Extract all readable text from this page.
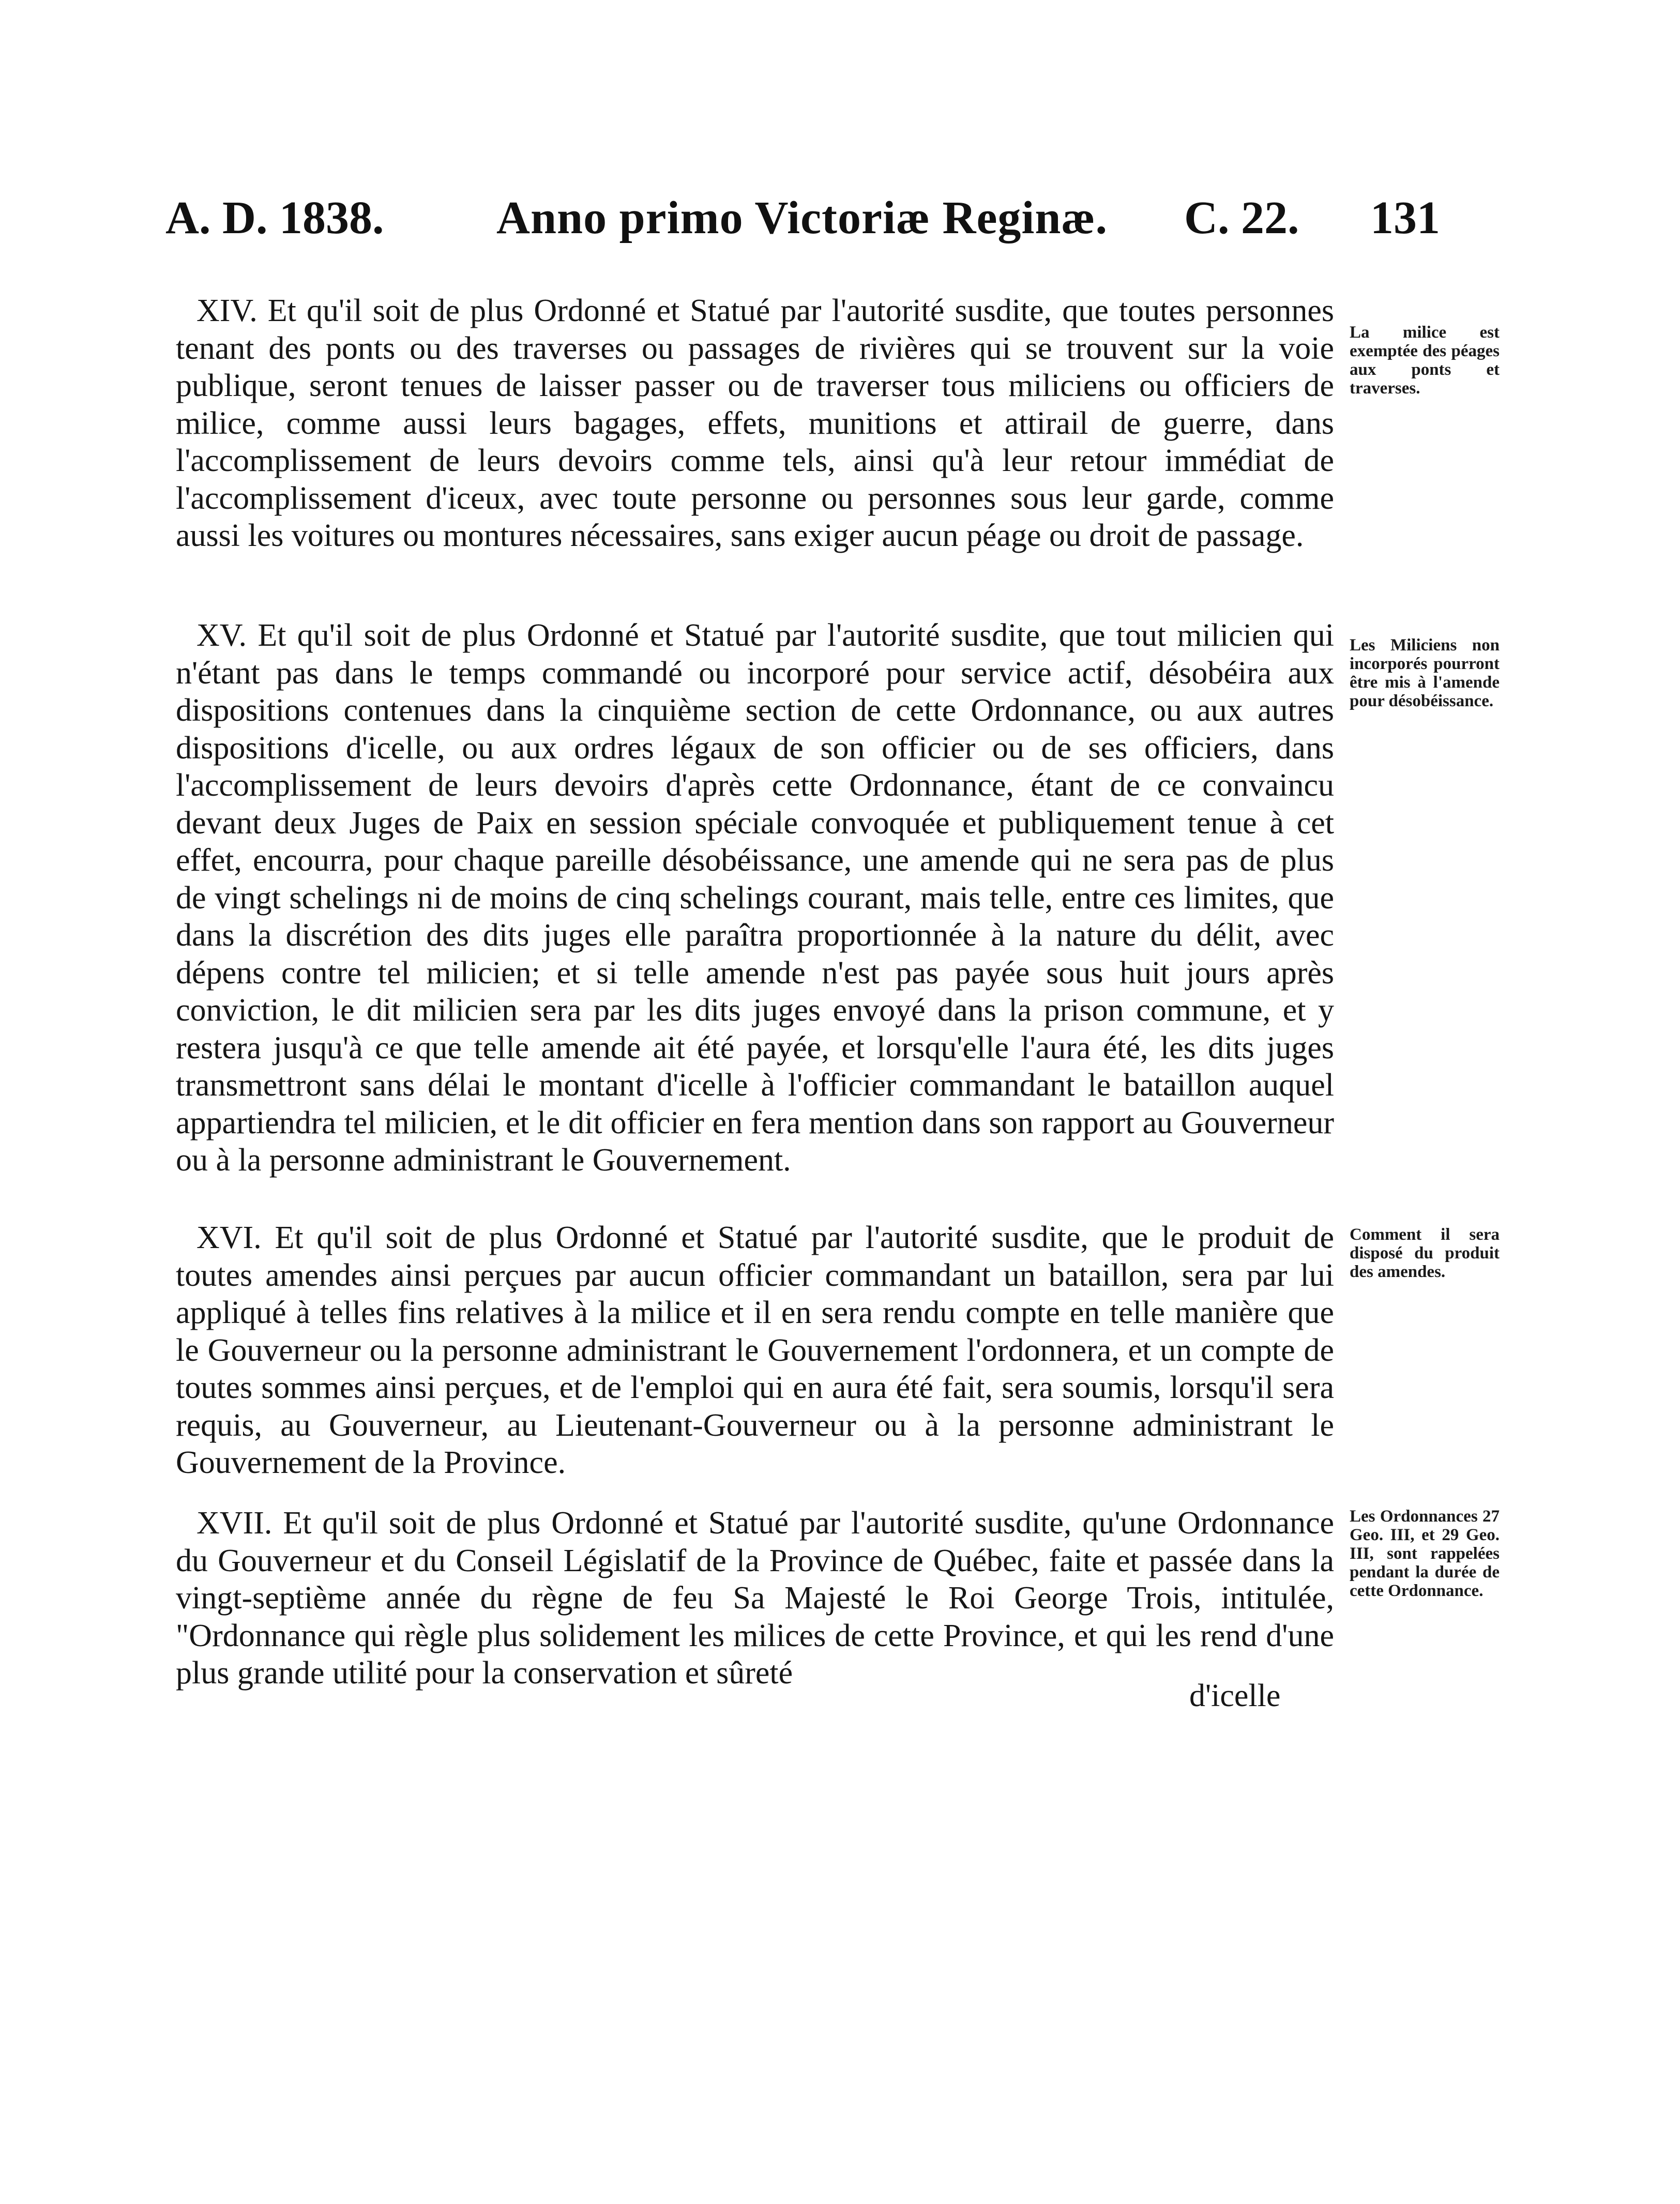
A. D. 1838. Anno primo Victoriæ Reginæ. C. 22. 131

XIV. Et qu'il soit de plus Ordonné et Statué par l'autorité susdite, que toutes personnes tenant des ponts ou des traverses ou passages de rivières qui se trouvent sur la voie publique, seront tenues de laisser passer ou de traverser tous miliciens ou officiers de milice, comme aussi leurs bagages, effets, munitions et attirail de guerre, dans l'accomplissement de leurs devoirs comme tels, ainsi qu'à leur retour immédiat de l'accomplissement d'iceux, avec toute personne ou personnes sous leur garde, comme aussi les voitures ou montures nécessaires, sans exiger aucun péage ou droit de passage.

La milice est exemptée des péages aux ponts et traverses.

XV. Et qu'il soit de plus Ordonné et Statué par l'autorité susdite, que tout milicien qui n'étant pas dans le temps commandé ou incorporé pour service actif, désobéira aux dispositions contenues dans la cinquième section de cette Ordonnance, ou aux autres dispositions d'icelle, ou aux ordres légaux de son officier ou de ses officiers, dans l'accomplissement de leurs devoirs d'après cette Ordonnance, étant de ce convaincu devant deux Juges de Paix en session spéciale convoquée et publiquement tenue à cet effet, encourra, pour chaque pareille désobéissance, une amende qui ne sera pas de plus de vingt schelings ni de moins de cinq schelings courant, mais telle, entre ces limites, que dans la discrétion des dits juges elle paraîtra proportionnée à la nature du délit, avec dépens contre tel milicien; et si telle amende n'est pas payée sous huit jours après conviction, le dit milicien sera par les dits juges envoyé dans la prison commune, et y restera jusqu'à ce que telle amende ait été payée, et lorsqu'elle l'aura été, les dits juges transmettront sans délai le montant d'icelle à l'officier commandant le bataillon auquel appartiendra tel milicien, et le dit officier en fera mention dans son rapport au Gouverneur ou à la personne administrant le Gouvernement.

Les Miliciens non incorporés pourront être mis à l'amende pour désobéissance.

XVI. Et qu'il soit de plus Ordonné et Statué par l'autorité susdite, que le produit de toutes amendes ainsi perçues par aucun officier commandant un bataillon, sera par lui appliqué à telles fins relatives à la milice et il en sera rendu compte en telle manière que le Gouverneur ou la personne administrant le Gouvernement l'ordonnera, et un compte de toutes sommes ainsi perçues, et de l'emploi qui en aura été fait, sera soumis, lorsqu'il sera requis, au Gouverneur, au Lieutenant-Gouverneur ou à la personne administrant le Gouvernement de la Province.

Comment il sera disposé du produit des amendes.

XVII. Et qu'il soit de plus Ordonné et Statué par l'autorité susdite, qu'une Ordonnance du Gouverneur et du Conseil Législatif de la Province de Québec, faite et passée dans la vingt-septième année du règne de feu Sa Majesté le Roi George Trois, intitulée, "Ordonnance qui règle plus solidement les milices de cette Province, et qui les rend d'une plus grande utilité pour la conservation et sûreté

Les Ordonnances 27 Geo. III, et 29 Geo. III, sont rappelées pendant la durée de cette Ordonnance.

d'icelle
